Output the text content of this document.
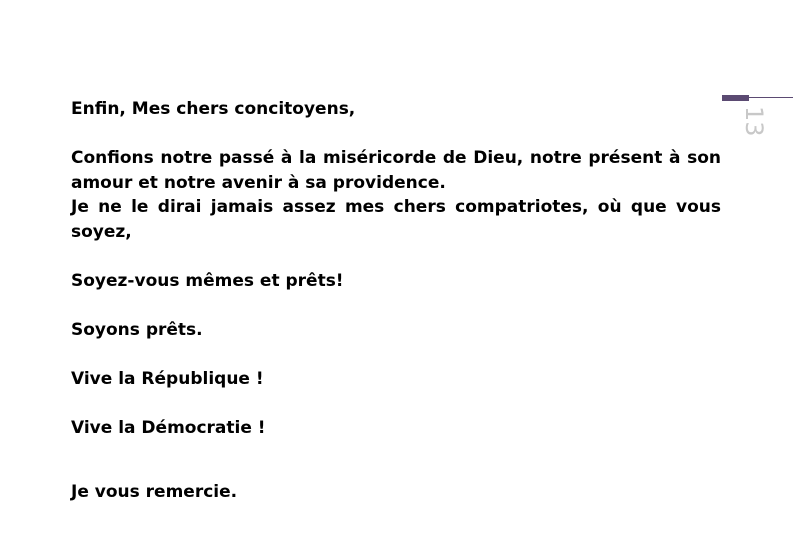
13

Enfin, Mes chers concitoyens,

Confions notre passé à la miséricorde de Dieu, notre présent à son amour et notre avenir à sa providence.

Je ne le dirai jamais assez mes chers compatriotes, où que vous soyez,

Soyez-vous mêmes et prêts!

Soyons prêts.

Vive la République !

Vive la Démocratie !

Je vous remercie.
